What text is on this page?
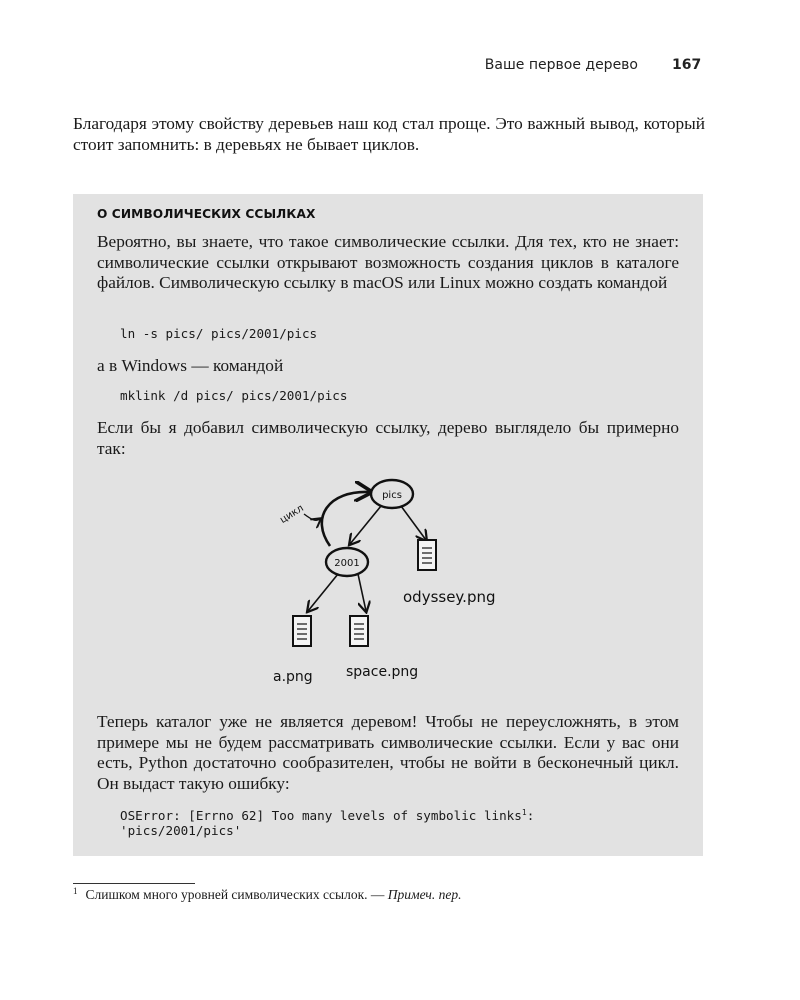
Ваше первое дерево 167

Благодаря этому свойству деревьев наш код стал проще. Это важный вывод, который стоит запомнить: в деревьях не бывает циклов.

О СИМВОЛИЧЕСКИХ ССЫЛКАХ

Вероятно, вы знаете, что такое символические ссылки. Для тех, кто не знает: символические ссылки открывают возможность создания циклов в каталоге файлов. Символическую ссылку в macOS или Linux можно создать командой

ln -s pics/ pics/2001/pics

а в Windows — командой

mklink /d pics/ pics/2001/pics

Если бы я добавил символическую ссылку, дерево выглядело бы примерно так:

цикл
pics
2001
odyssey.png
a.png space.png

Теперь каталог уже не является деревом! Чтобы не переусложнять, в этом примере мы не будем рассматривать символические ссылки. Если у вас они есть, Python достаточно сообразителен, чтобы не войти в бесконечный цикл. Он выдаст такую ошибку:

OSError: [Errno 62] Too many levels of symbolic links$^1$:
'pics/2001/pics'
$^1$ Слишком много уровней символических ссылок. — Примеч. пер.
